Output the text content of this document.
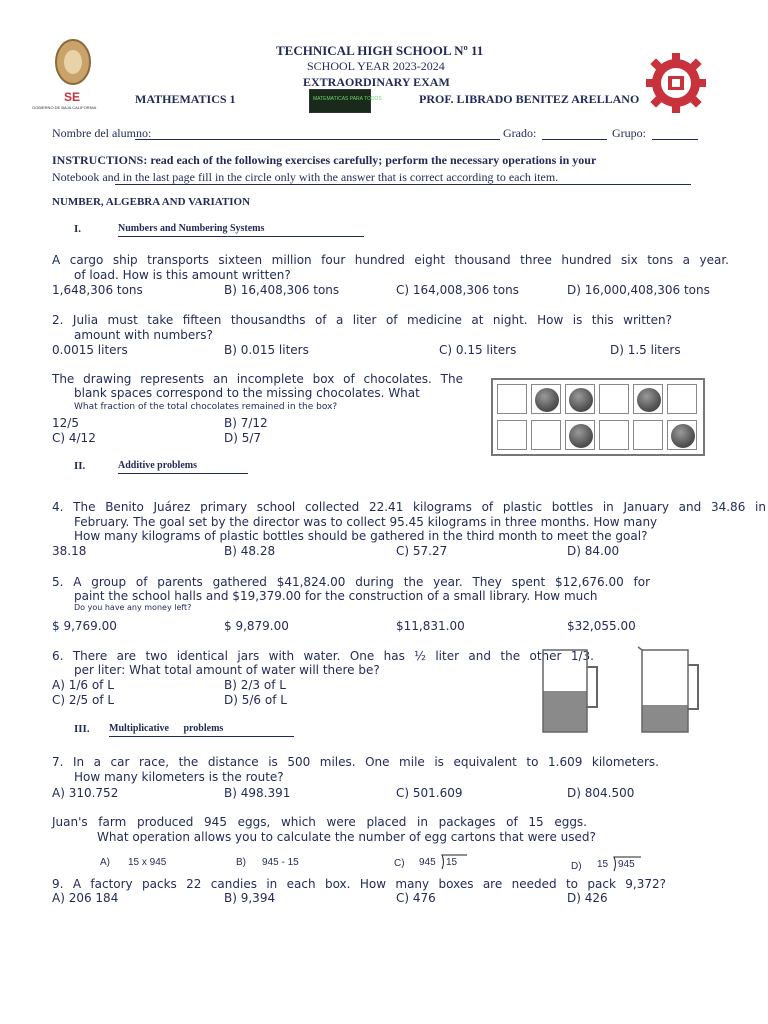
SE
GOBIERNO DE BAJA CALIFORNIA
TECHNICAL HIGH SCHOOL Nº 11
SCHOOL YEAR 2023-2024
EXTRAORDINARY EXAM
MATHEMATICS 1	MATEMATICAS PARA TODOS	PROF. LIBRADO BENITEZ ARELLANO
Nombre del alumno:	Grado:	Grupo:
INSTRUCTIONS: read each of the following exercises carefully; perform the necessary operations in your
Notebook and in the last page fill in the circle only with the answer that is correct according to each item.
NUMBER, ALGEBRA AND VARIATION
I.	Numbers and Numbering Systems
A cargo ship transports sixteen million four hundred eight thousand three hundred six tons a year.
of load. How is this amount written?
1,648,306 tons	B) 16,408,306 tons	C) 164,008,306 tons	D) 16,000,408,306 tons
2. Julia must take fifteen thousandths of a liter of medicine at night. How is this written?
amount with numbers?
0.0015 liters	B) 0.015 liters	C) 0.15 liters	D) 1.5 liters
The drawing represents an incomplete box of chocolates. The
blank spaces correspond to the missing chocolates. What
What fraction of the total chocolates remained in the box?
12/5	B) 7/12
C) 4/12	D) 5/7
II.	Additive problems
4. The Benito Juárez primary school collected 22.41 kilograms of plastic bottles in January and 34.86 in
February. The goal set by the director was to collect 95.45 kilograms in three months. How many
How many kilograms of plastic bottles should be gathered in the third month to meet the goal?
38.18	B) 48.28	C) 57.27	D) 84.00
5. A group of parents gathered $41,824.00 during the year. They spent $12,676.00 for
paint the school halls and $19,379.00 for the construction of a small library. How much
Do you have any money left?
$ 9,769.00	$ 9,879.00	$11,831.00	$32,055.00
6. There are two identical jars with water. One has ½ liter and the other 1/3.
per liter: What total amount of water will there be?
A) 1/6 of L	B) 2/3 of L
C) 2/5 of L	D) 5/6 of L
III. Multiplicative problems
7. In a car race, the distance is 500 miles. One mile is equivalent to 1.609 kilometers.
How many kilometers is the route?
A) 310.752	B) 498.391	C) 501.609	D) 804.500
Juan's farm produced 945 eggs, which were placed in packages of 15 eggs.
What operation allows you to calculate the number of egg cartons that were used?
A) 15 x 945	B) 945 - 15	C) 945 15	D) 15 945
9. A factory packs 22 candies in each box. How many boxes are needed to pack 9,372?
A) 206 184	B) 9,394	C) 476	D) 426
